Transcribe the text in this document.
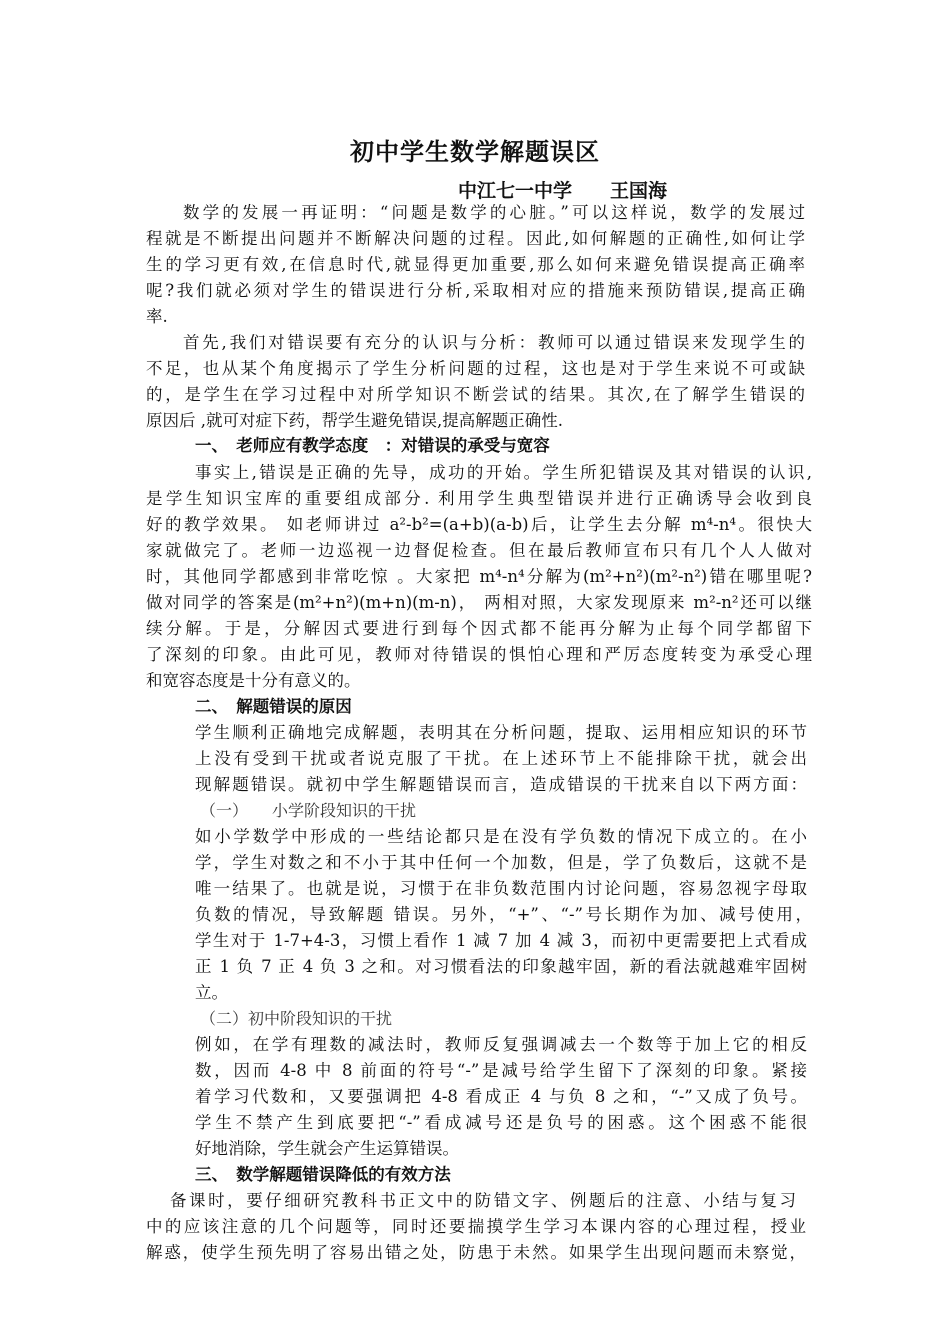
初中学生数学解题误区
中江七一中学　　王国海
数学的发展一再证明：“问题是数学的心脏。”可以这样说，数学的发展过
程就是不断提出问题并不断解决问题的过程。因此,如何解题的正确性,如何让学
生的学习更有效,在信息时代,就显得更加重要,那么如何来避免错误提高正确率
呢?我们就必须对学生的错误进行分析,采取相对应的措施来预防错误,提高正确
率.
首先,我们对错误要有充分的认识与分析：教师可以通过错误来发现学生的
不足，也从某个角度揭示了学生分析问题的过程，这也是对于学生来说不可或缺
的，是学生在学习过程中对所学知识不断尝试的结果。其次,在了解学生错误的
原因后 ,就可对症下药，帮学生避免错误,提高解题正确性.
一、　老师应有教学态度　：对错误的承受与宽容
事实上,错误是正确的先导，成功的开始。学生所犯错误及其对错误的认识,
是学生知识宝库的重要组成部分. 利用学生典型错误并进行正确诱导会收到良
好的教学效果。 如老师讲过 a²-b²=(a+b)(a-b)后，让学生去分解 m⁴-n⁴。很快大
家就做完了。老师一边巡视一边督促检查。但在最后教师宣布只有几个人人做对
时，其他同学都感到非常吃惊 。大家把 m⁴-n⁴分解为(m²+n²)(m²-n²)错在哪里呢?
做对同学的答案是(m²+n²)(m+n)(m-n)， 两相对照，大家发现原来 m²-n²还可以继
续分解。于是，分解因式要进行到每个因式都不能再分解为止每个同学都留下
了深刻的印象。由此可见，教师对待错误的惧怕心理和严厉态度转变为承受心理
和宽容态度是十分有意义的。
二、　解题错误的原因
学生顺利正确地完成解题，表明其在分析问题，提取、运用相应知识的环节
上没有受到干扰或者说克服了干扰。在上述环节上不能排除干扰，就会出
现解题错误。就初中学生解题错误而言，造成错误的干扰来自以下两方面：
（一）　　小学阶段知识的干扰
如小学数学中形成的一些结论都只是在没有学负数的情况下成立的。在小
学，学生对数之和不小于其中任何一个加数，但是，学了负数后，这就不是
唯一结果了。也就是说，习惯于在非负数范围内讨论问题，容易忽视字母取
负数的情况，导致解题 错误。另外，“+”、“-”号长期作为加、减号使用，
学生对于 1-7+4-3，习惯上看作 1 减 7 加 4 减 3，而初中更需要把上式看成
正 1 负 7 正 4 负 3 之和。对习惯看法的印象越牢固，新的看法就越难牢固树
立。
（二）初中阶段知识的干扰
例如，在学有理数的减法时，教师反复强调减去一个数等于加上它的相反
数，因而 4-8 中 8 前面的符号“-”是减号给学生留下了深刻的印象。紧接
着学习代数和，又要强调把 4-8 看成正 4 与负 8 之和，“-”又成了负号。
学生不禁产生到底要把“-”看成减号还是负号的困惑。这个困惑不能很
好地消除，学生就会产生运算错误。
三、　数学解题错误降低的有效方法
备课时，要仔细研究教科书正文中的防错文字、例题后的注意、小结与复习
中的应该注意的几个问题等，同时还要揣摸学生学习本课内容的心理过程，授业
解惑，使学生预先明了容易出错之处，防患于未然。如果学生出现问题而未察觉，
